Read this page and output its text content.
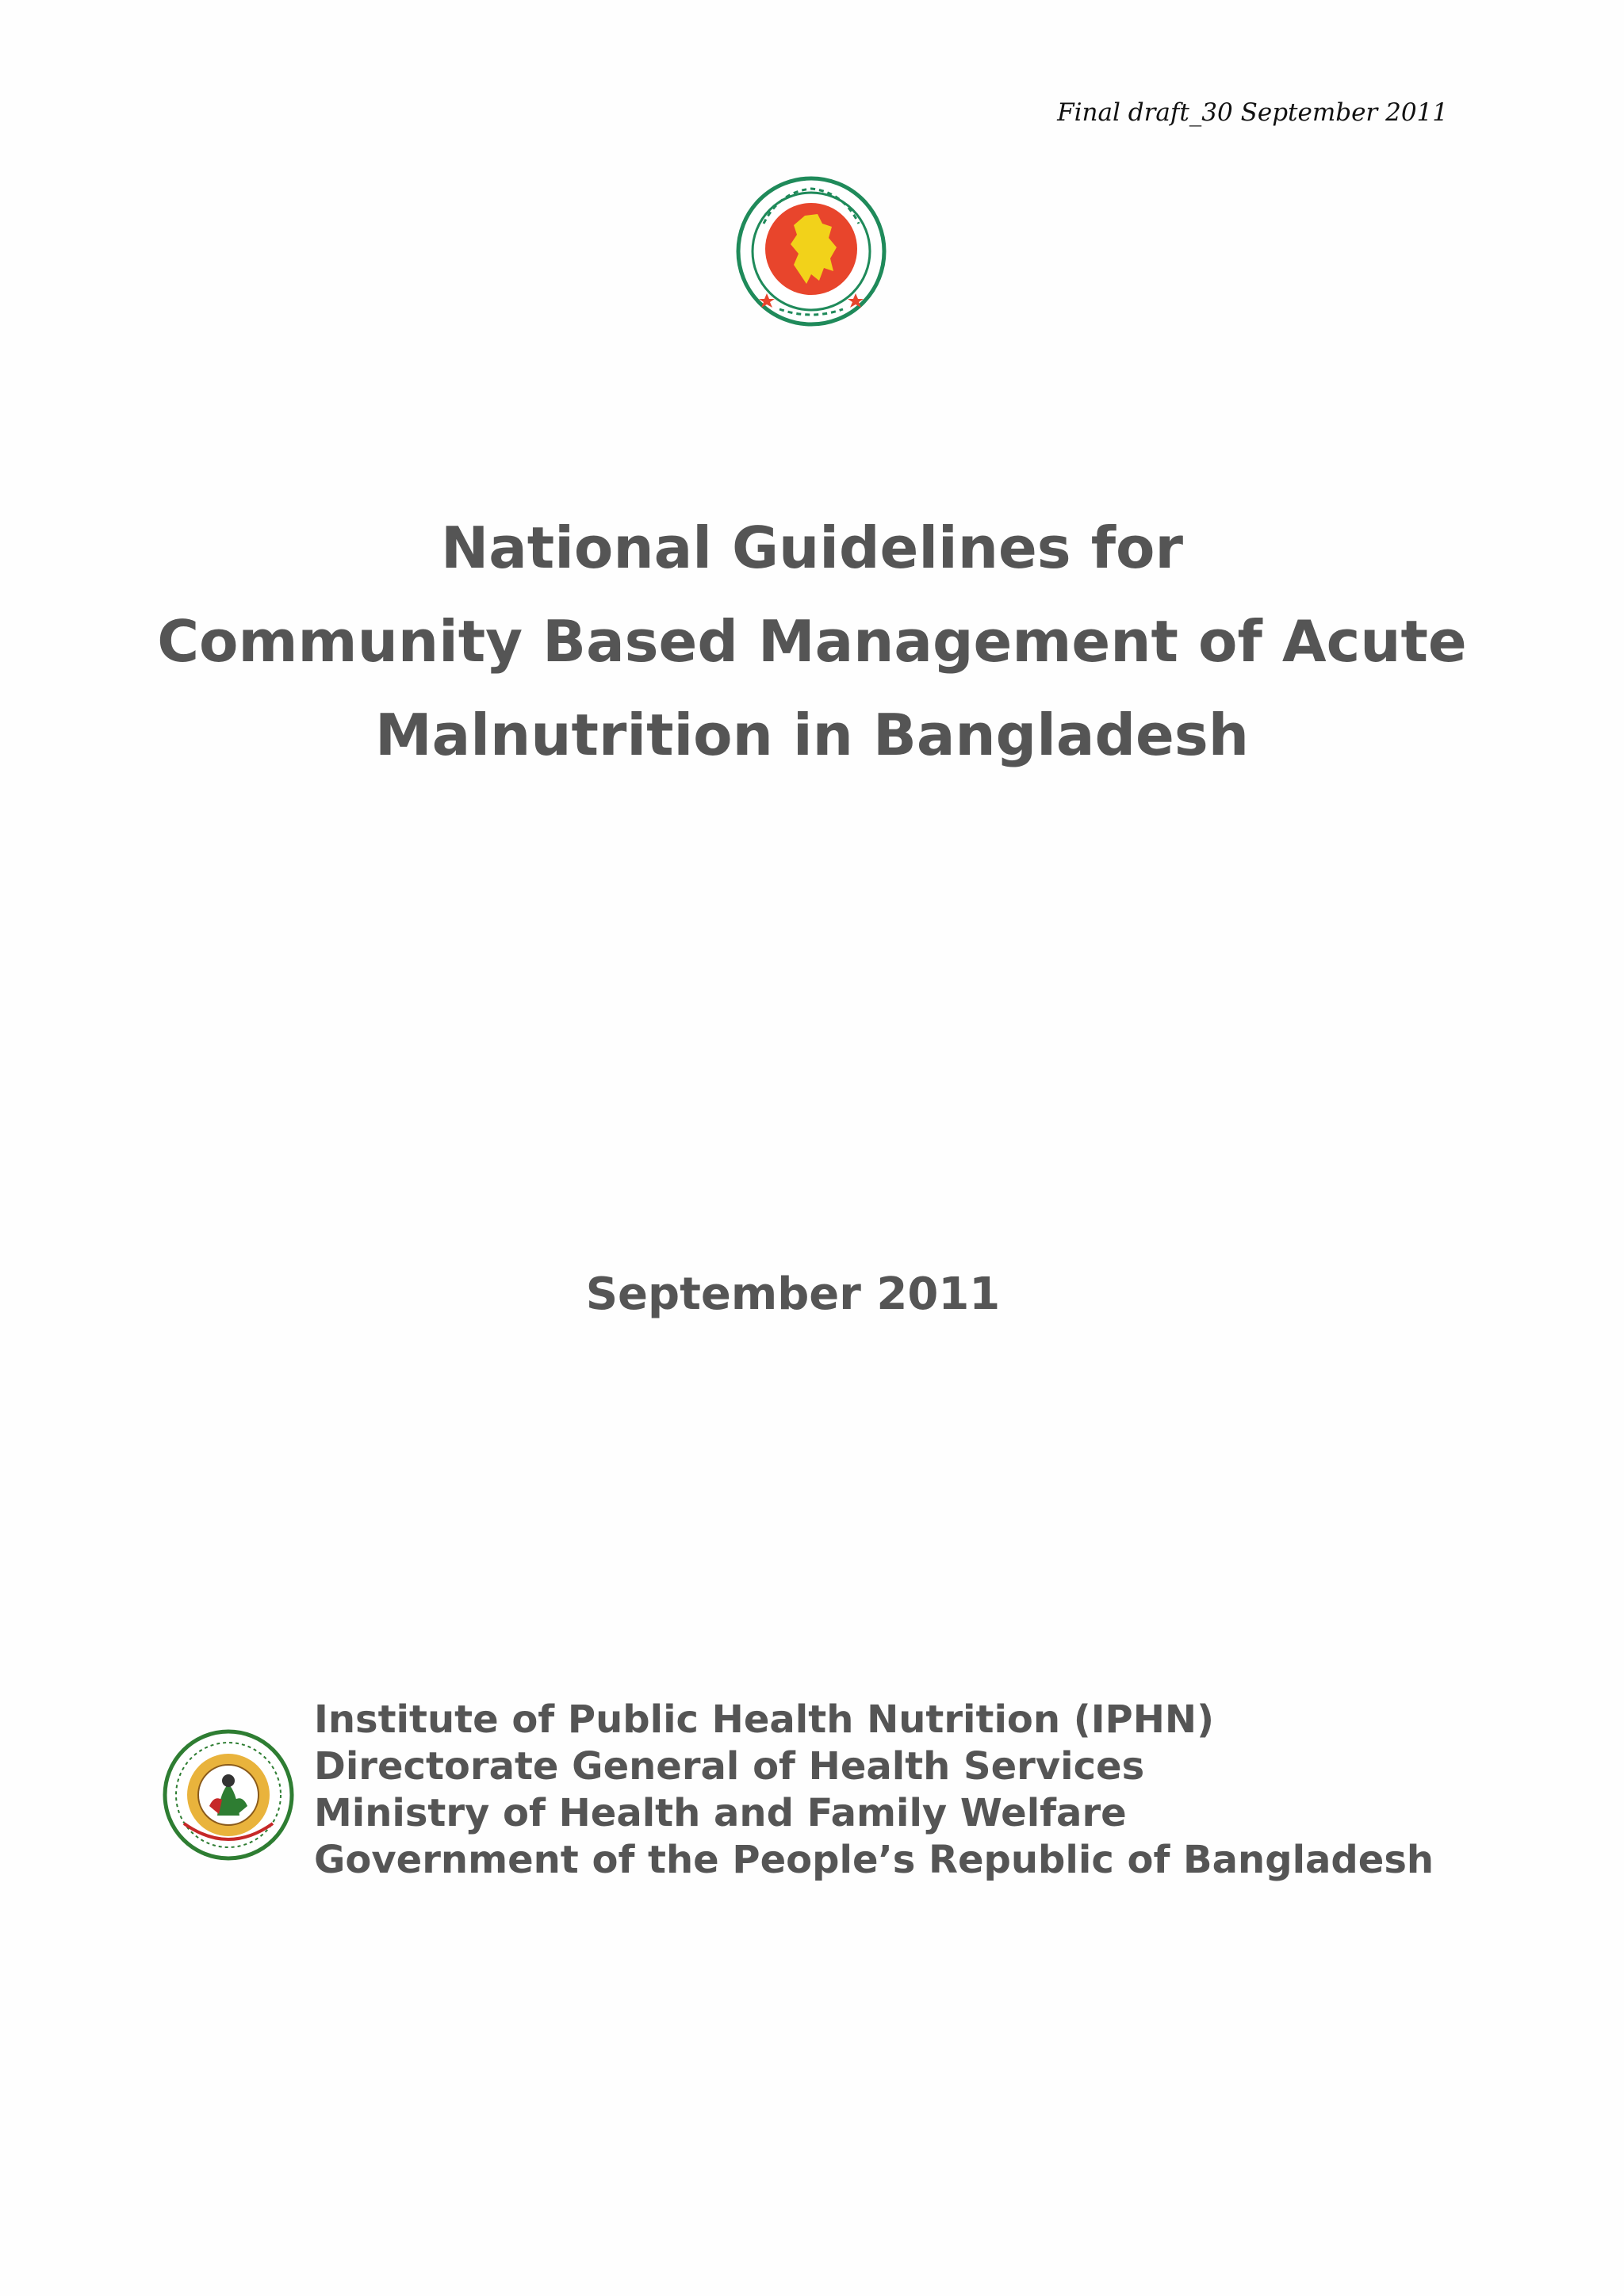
Final draft_30 September 2011
National Guidelines for
Community Based Management of Acute
Malnutrition in Bangladesh
September 2011
Institute of Public Health Nutrition (IPHN)
Directorate General of Health Services
Ministry of Health and Family Welfare
Government of the People’s Republic of Bangladesh
